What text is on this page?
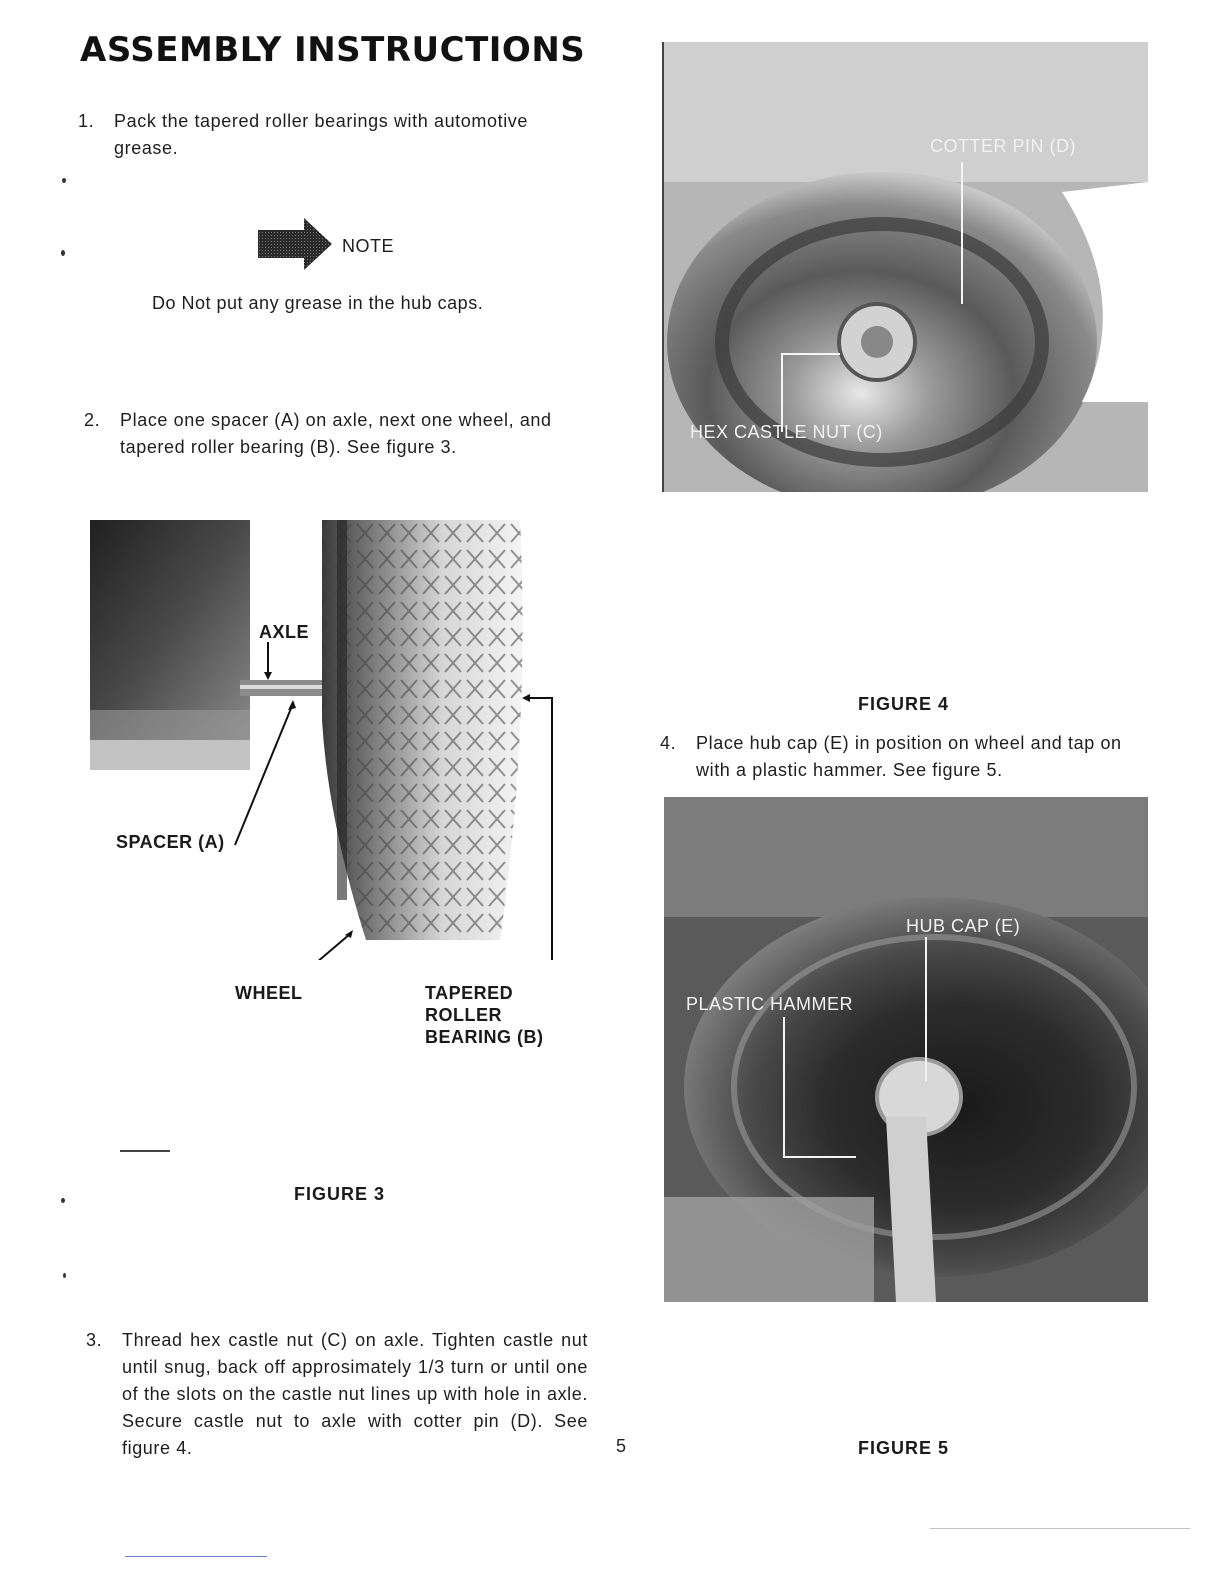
ASSEMBLY INSTRUCTIONS
1. Pack the tapered roller bearings with automotive grease.
NOTE
Do Not put any grease in the hub caps.
2. Place one spacer (A) on axle, next one wheel, and tapered roller bearing (B). See figure 3.
AXLE
SPACER (A)
WHEEL	TAPERED
ROLLER
BEARING (B)
FIGURE 3
3. Thread hex castle nut (C) on axle. Tighten castle nut until snug, back off approsimately 1/3 turn or until one of the slots on the castle nut lines up with hole in axle. Secure castle nut to axle with cotter pin (D). See figure 4.
COTTER PIN (D)
HEX CASTLE NUT (C)
FIGURE 4
4. Place hub cap (E) in position on wheel and tap on with a plastic hammer. See figure 5.
HUB CAP (E)
PLASTIC HAMMER
FIGURE 5
5
